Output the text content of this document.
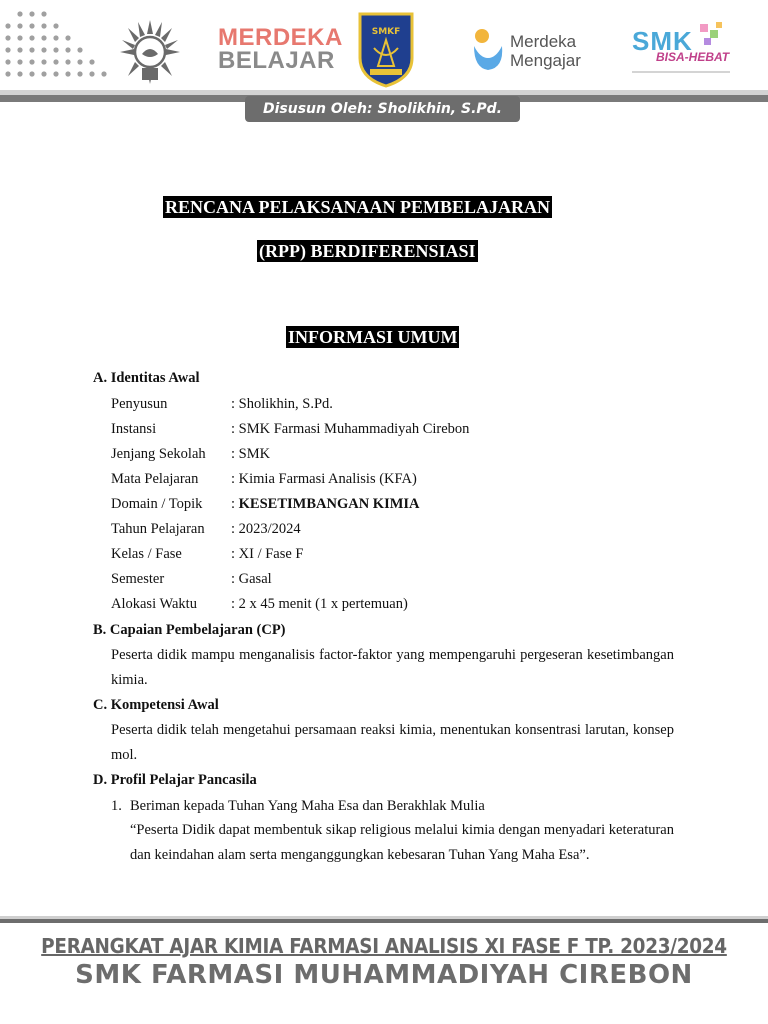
MERDEKA
BELAJAR
SMKF	Merdeka
Mengajar
SMK
BISA-HEBAT
Disusun Oleh: Sholikhin, S.Pd.
RENCANA PELAKSANAAN PEMBELAJARAN
(RPP) BERDIFERENSIASI
INFORMASI UMUM
A. Identitas Awal
Penyusun	: Sholikhin, S.Pd.
Instansi	: SMK Farmasi Muhammadiyah Cirebon
Jenjang Sekolah : SMK
Mata Pelajaran : Kimia Farmasi Analisis (KFA)
Domain / Topik : KESETIMBANGAN KIMIA
Tahun Pelajaran : 2023/2024
Kelas / Fase	: XI / Fase F
Semester	: Gasal
Alokasi Waktu : 2 x 45 menit (1 x pertemuan)
B. Capaian Pembelajaran (CP)
Peserta didik mampu menganalisis factor-faktor yang mempengaruhi pergeseran kesetimbangan kimia.
C. Kompetensi Awal
Peserta didik telah mengetahui persamaan reaksi kimia, menentukan konsentrasi larutan, konsep mol.
D. Profil Pelajar Pancasila
1. Beriman kepada Tuhan Yang Maha Esa dan Berakhlak Mulia
“Peserta Didik dapat membentuk sikap religious melalui kimia dengan menyadari keteraturan dan keindahan alam serta menganggungkan kebesaran Tuhan Yang Maha Esa”.
PERANGKAT AJAR KIMIA FARMASI ANALISIS XI FASE F TP. 2023/2024
SMK FARMASI MUHAMMADIYAH CIREBON
